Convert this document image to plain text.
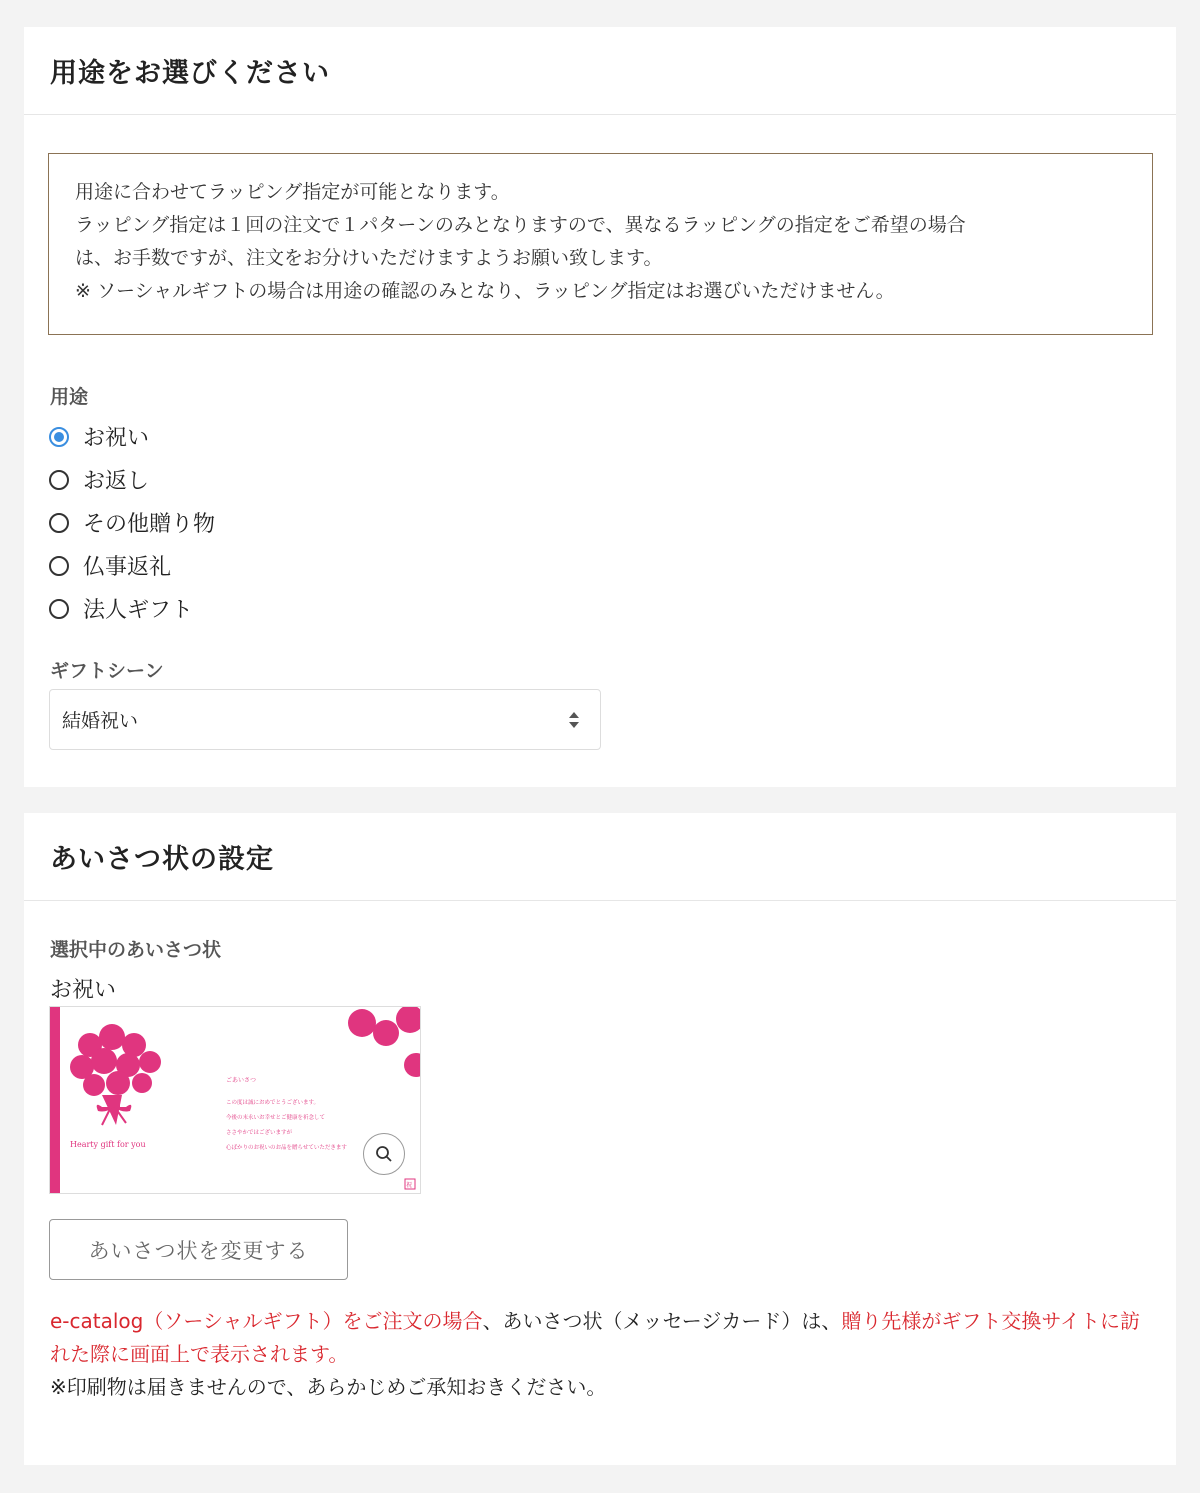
用途をお選びください

用途に合わせてラッピング指定が可能となります。

ラッピング指定は１回の注文で１パターンのみとなりますので、異なるラッピングの指定をご希望の場合

は、お手数ですが、注文をお分けいただけますようお願い致します。

※ ソーシャルギフトの場合は用途の確認のみとなり、ラッピング指定はお選びいただけません。

用途
お祝い
お返し
その他贈り物
仏事返礼
法人ギフト
ギフトシーン
結婚祝い
あいさつ状の設定
選択中のあいさつ状
お祝い
Hearty gift for you
ごあいさつ
この度は誠におめでとうございます。
今後の末永いお幸せとご健康を祈念して
ささやかではございますが
心ばかりのお祝いのお品を贈らせていただきます
祝
あいさつ状を変更する
e-catalog（ソーシャルギフト）をご注文の場合、あいさつ状（メッセージカード）は、贈り先様がギフト交換サイトに訪れた際に画面上で表示されます。
※印刷物は届きませんので、あらかじめご承知おきください。
